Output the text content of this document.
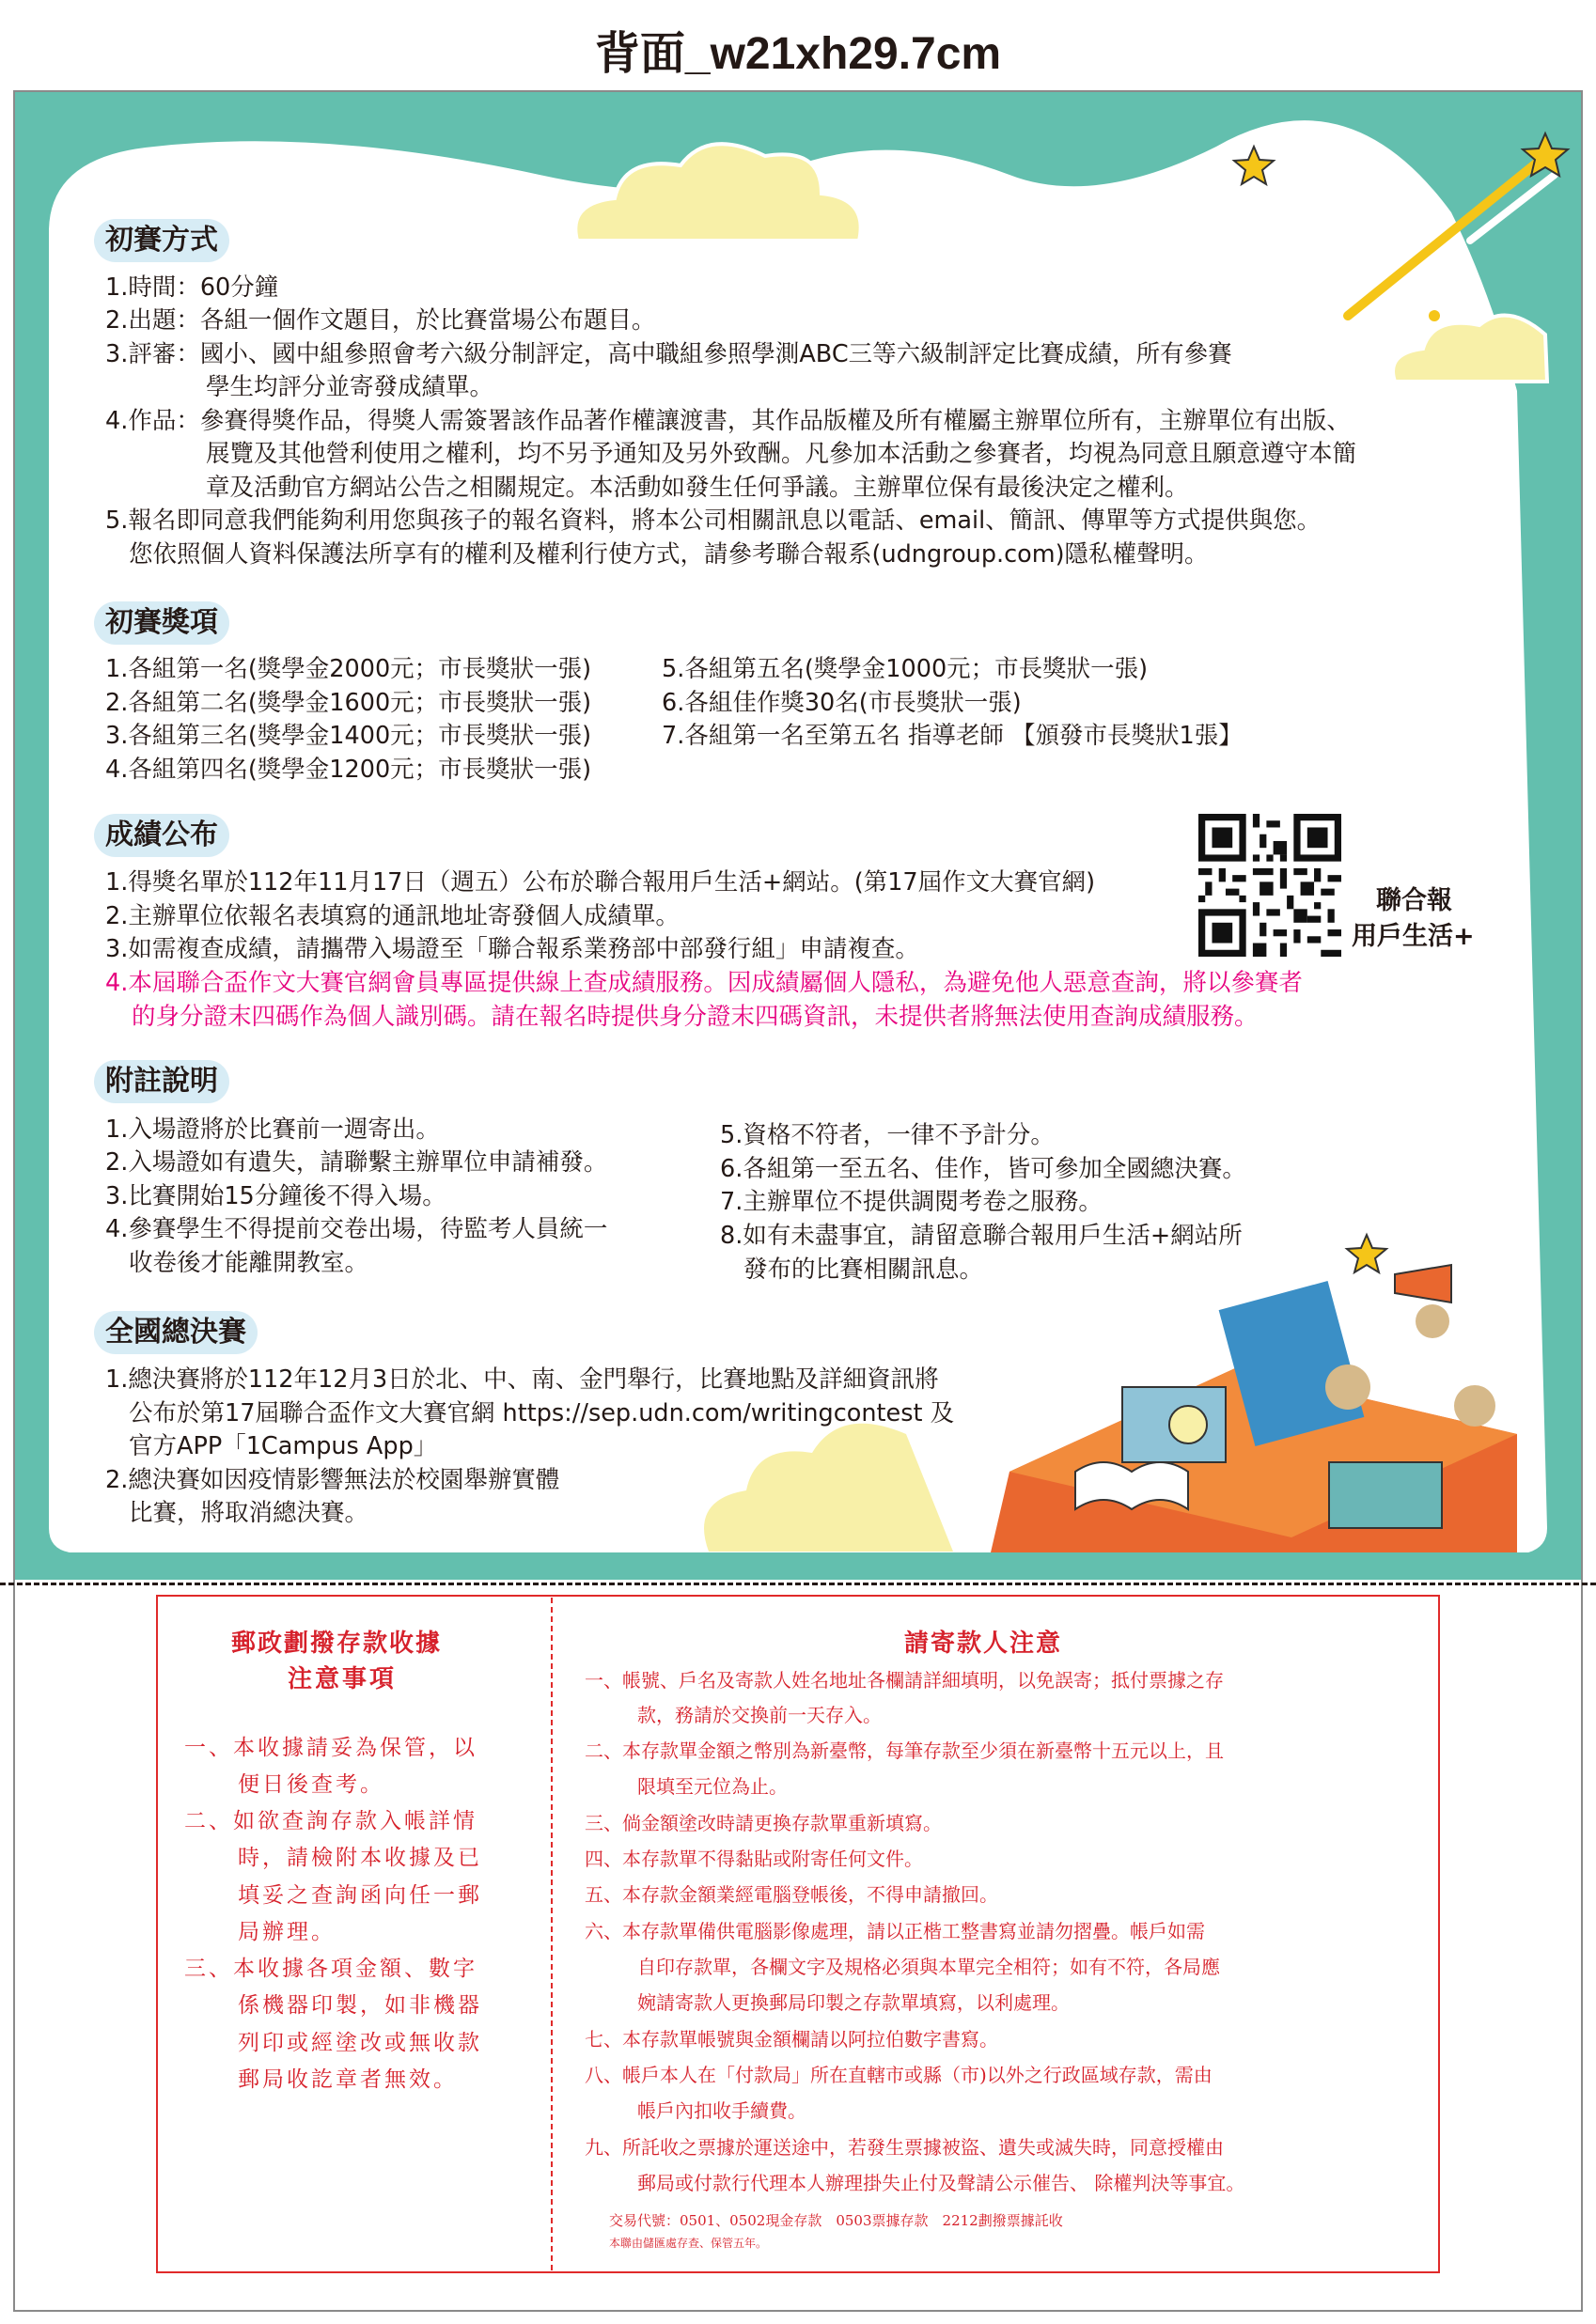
背面_w21xh29.7cm
初賽方式
1.時間：60分鐘
2.出題：各組一個作文題目，於比賽當場公布題目。
3.評審：國小、國中組參照會考六級分制評定，高中職組參照學測ABC三等六級制評定比賽成績，所有參賽
學生均評分並寄發成績單。
4.作品：參賽得獎作品，得獎人需簽署該作品著作權讓渡書，其作品版權及所有權屬主辦單位所有，主辦單位有出版、
展覽及其他營利使用之權利，均不另予通知及另外致酬。凡參加本活動之參賽者，均視為同意且願意遵守本簡
章及活動官方網站公告之相關規定。本活動如發生任何爭議。主辦單位保有最後決定之權利。
5.報名即同意我們能夠利用您與孩子的報名資料，將本公司相關訊息以電話、email、簡訊、傳單等方式提供與您。
您依照個人資料保護法所享有的權利及權利行使方式，請參考聯合報系(udngroup.com)隱私權聲明。
初賽獎項
1.各組第一名(獎學金2000元；市長獎狀一張)
2.各組第二名(獎學金1600元；市長獎狀一張)
3.各組第三名(獎學金1400元；市長獎狀一張)
4.各組第四名(獎學金1200元；市長獎狀一張)
5.各組第五名(獎學金1000元；市長獎狀一張)
6.各組佳作獎30名(市長獎狀一張)
7.各組第一名至第五名 指導老師 【頒發市長獎狀1張】
成績公布
1.得獎名單於112年11月17日（週五）公布於聯合報用戶生活+網站。(第17屆作文大賽官網)
2.主辦單位依報名表填寫的通訊地址寄發個人成績單。
3.如需複查成績，請攜帶入場證至「聯合報系業務部中部發行組」申請複查。
4.本屆聯合盃作文大賽官網會員專區提供線上查成績服務。因成績屬個人隱私，為避免他人惡意查詢，將以參賽者
的身分證末四碼作為個人識別碼。請在報名時提供身分證末四碼資訊，未提供者將無法使用查詢成績服務。
聯合報
用戶生活+
附註說明
1.入場證將於比賽前一週寄出。
2.入場證如有遺失，請聯繫主辦單位申請補發。
3.比賽開始15分鐘後不得入場。
4.參賽學生不得提前交卷出場，待監考人員統一
收卷後才能離開教室。
5.資格不符者，一律不予計分。
6.各組第一至五名、佳作，皆可參加全國總決賽。
7.主辦單位不提供調閱考卷之服務。
8.如有未盡事宜，請留意聯合報用戶生活+網站所
發布的比賽相關訊息。
全國總決賽
1.總決賽將於112年12月3日於北、中、南、金門舉行，比賽地點及詳細資訊將
公布於第17屆聯合盃作文大賽官網 https://sep.udn.com/writingcontest 及
官方APP「1Campus App」
2.總決賽如因疫情影響無法於校園舉辦實體
比賽，將取消總決賽。
郵政劃撥存款收據
注意事項
一、本收據請妥為保管，以
便日後查考。
二、如欲查詢存款入帳詳情
時，請檢附本收據及已
填妥之查詢函向任一郵
局辦理。
三、本收據各項金額、數字
係機器印製，如非機器
列印或經塗改或無收款
郵局收訖章者無效。
請寄款人注意
一、帳號、戶名及寄款人姓名地址各欄請詳細填明，以免誤寄；抵付票據之存
款，務請於交換前一天存入。
二、本存款單金額之幣別為新臺幣，每筆存款至少須在新臺幣十五元以上，且
限填至元位為止。
三、倘金額塗改時請更換存款單重新填寫。
四、本存款單不得黏貼或附寄任何文件。
五、本存款金額業經電腦登帳後，不得申請撤回。
六、本存款單備供電腦影像處理，請以正楷工整書寫並請勿摺疊。帳戶如需
自印存款單，各欄文字及規格必須與本單完全相符；如有不符，各局應
婉請寄款人更換郵局印製之存款單填寫，以利處理。
七、本存款單帳號與金額欄請以阿拉伯數字書寫。
八、帳戶本人在「付款局」所在直轄市或縣（市)以外之行政區域存款，需由
帳戶內扣收手續費。
九、所託收之票據於運送途中，若發生票據被盜、遺失或滅失時，同意授權由
郵局或付款行代理本人辦理掛失止付及聲請公示催告、 除權判決等事宜。
交易代號：0501、0502現金存款　0503票據存款　2212劃撥票據託收
本聯由儲匯處存查、保管五年。
